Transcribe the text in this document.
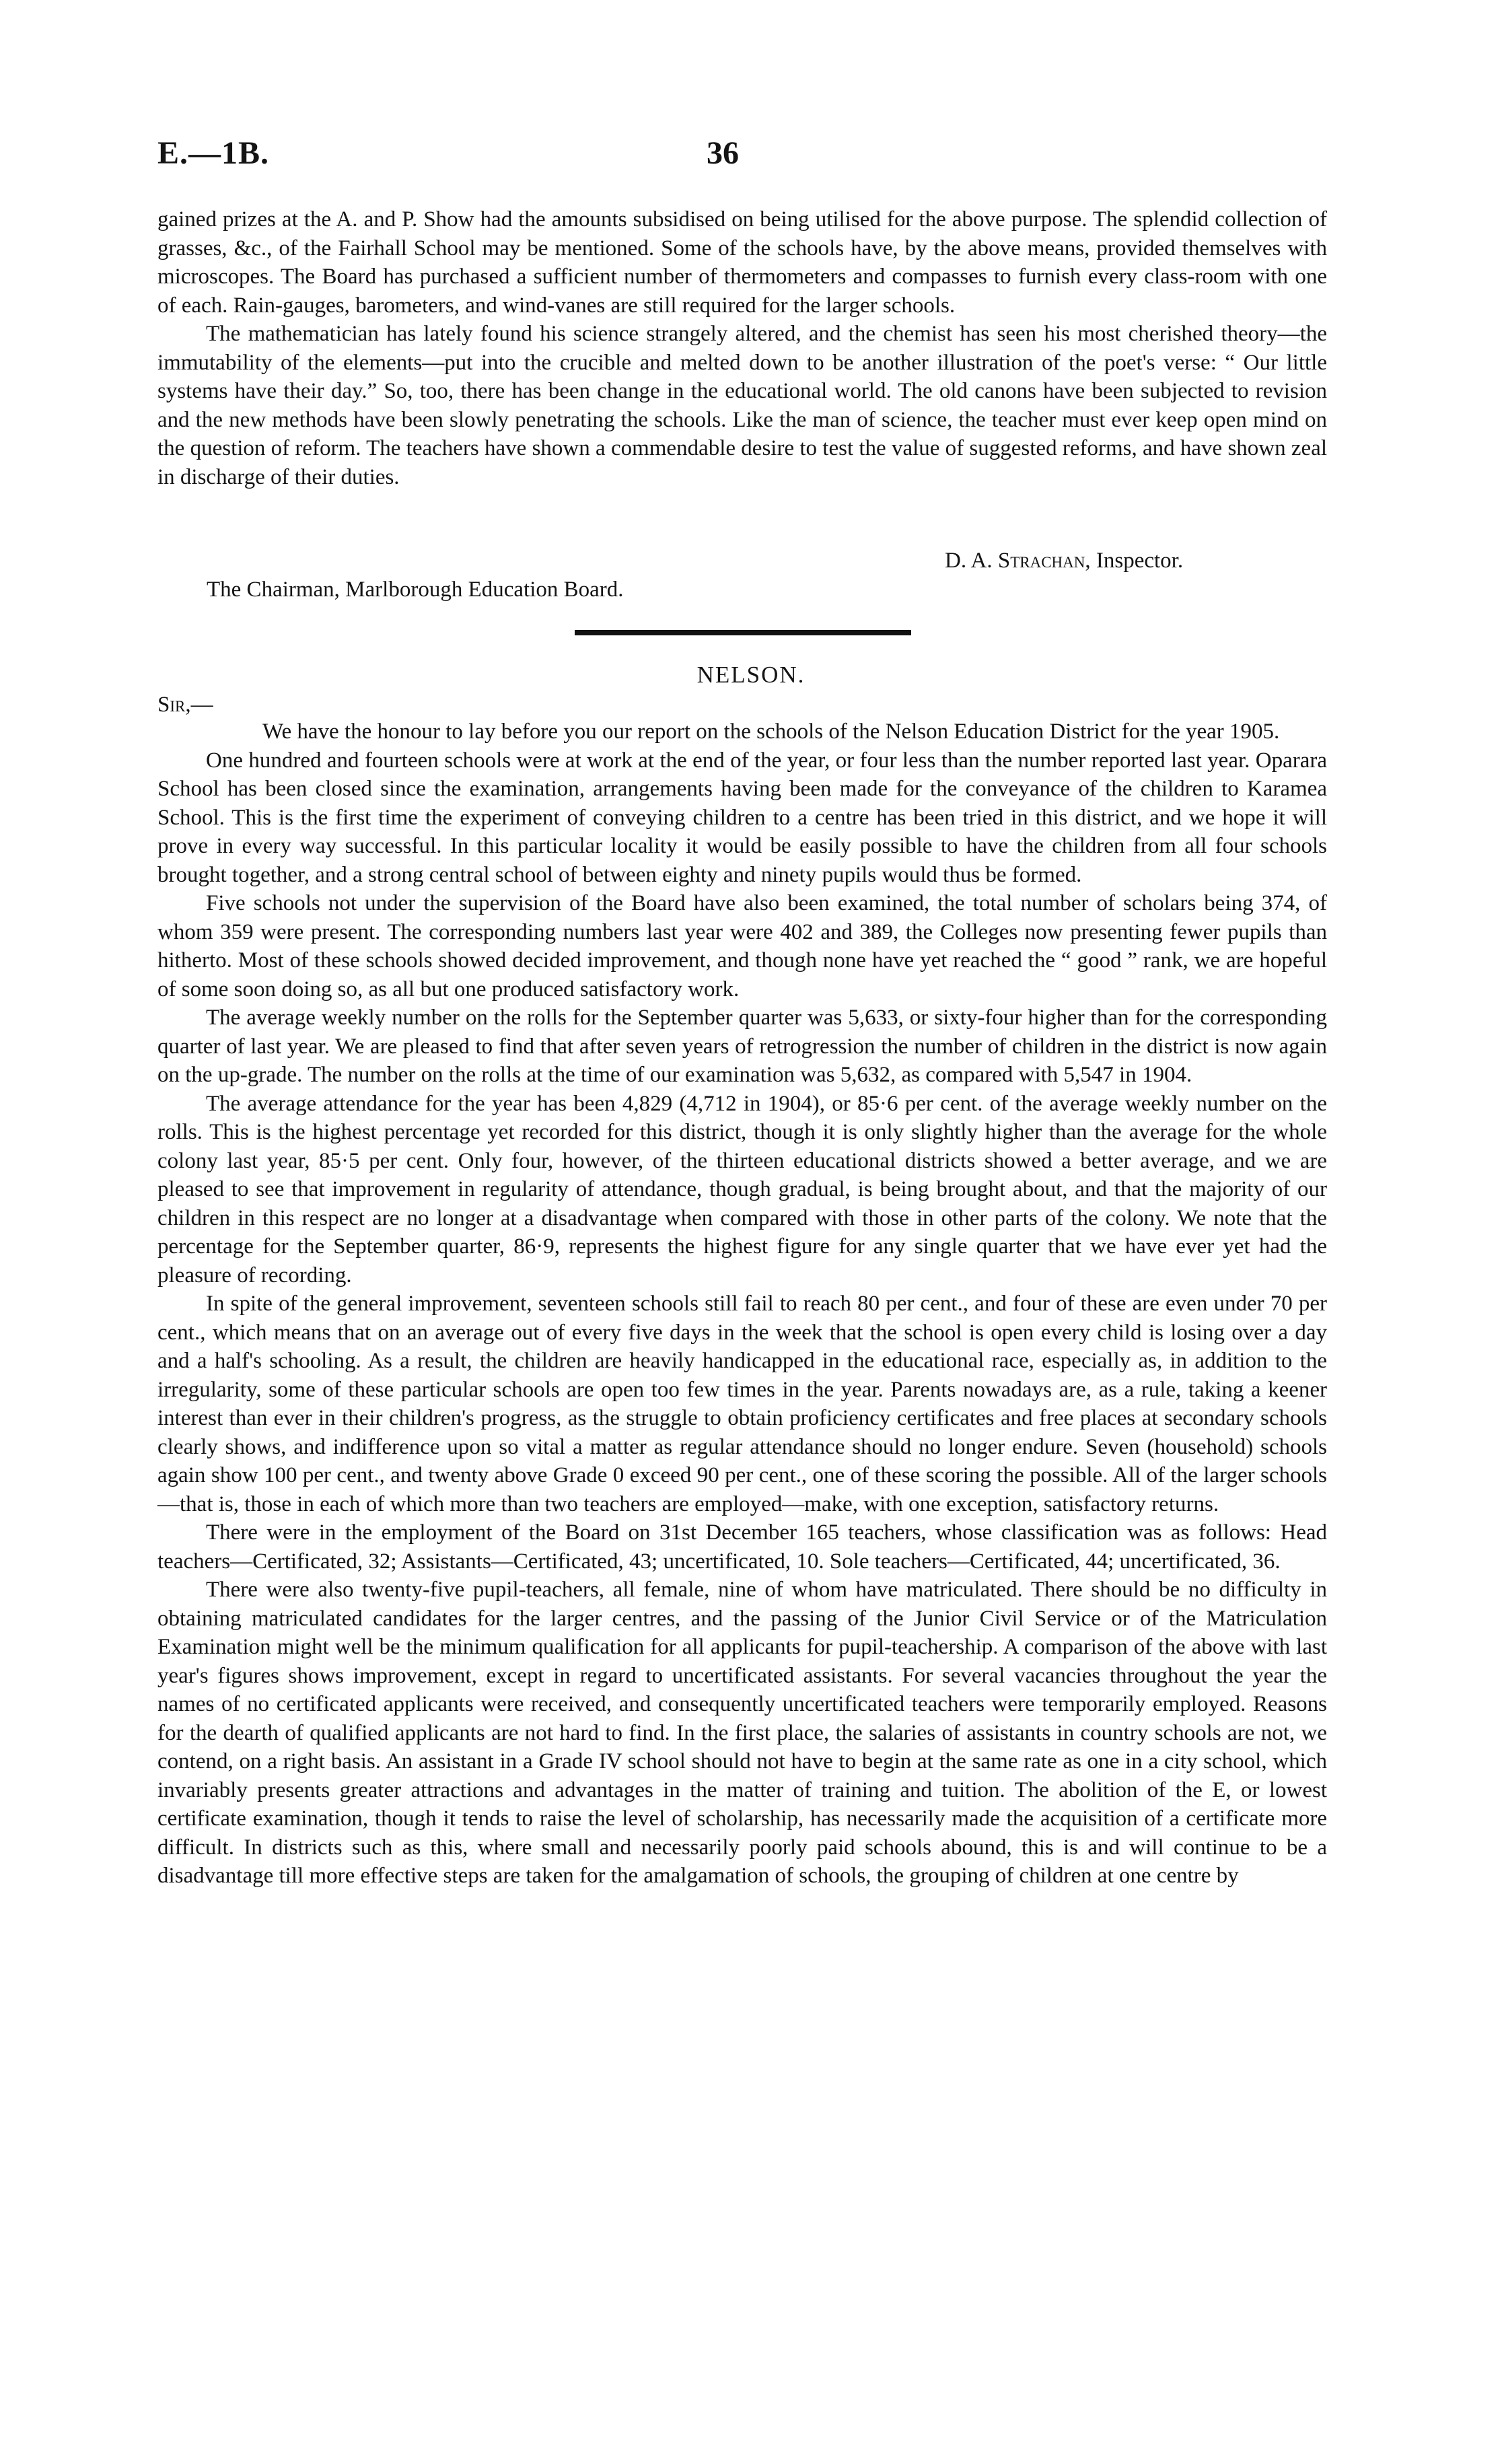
E.—1B.	36

gained prizes at the A. and P. Show had the amounts subsidised on being utilised for the above purpose. The splendid collection of grasses, &c., of the Fairhall School may be mentioned. Some of the schools have, by the above means, provided themselves with microscopes. The Board has purchased a sufficient number of thermometers and compasses to furnish every class-room with one of each. Rain-gauges, barometers, and wind-vanes are still required for the larger schools.

The mathematician has lately found his science strangely altered, and the chemist has seen his most cherished theory—the immutability of the elements—put into the crucible and melted down to be another illustration of the poet's verse: “ Our little systems have their day.” So, too, there has been change in the educational world. The old canons have been subjected to revision and the new methods have been slowly penetrating the schools. Like the man of science, the teacher must ever keep open mind on the question of reform. The teachers have shown a commendable desire to test the value of suggested reforms, and have shown zeal in discharge of their duties.

D. A. Strachan, Inspector.
The Chairman, Marlborough Education Board.
NELSON.
Sir,—

We have the honour to lay before you our report on the schools of the Nelson Education District for the year 1905.

One hundred and fourteen schools were at work at the end of the year, or four less than the number reported last year. Oparara School has been closed since the examination, arrangements having been made for the conveyance of the children to Karamea School. This is the first time the experiment of conveying children to a centre has been tried in this district, and we hope it will prove in every way successful. In this particular locality it would be easily possible to have the children from all four schools brought together, and a strong central school of between eighty and ninety pupils would thus be formed.

Five schools not under the supervision of the Board have also been examined, the total number of scholars being 374, of whom 359 were present. The corresponding numbers last year were 402 and 389, the Colleges now presenting fewer pupils than hitherto. Most of these schools showed decided improvement, and though none have yet reached the “ good ” rank, we are hopeful of some soon doing so, as all but one produced satisfactory work.

The average weekly number on the rolls for the September quarter was 5,633, or sixty-four higher than for the corresponding quarter of last year. We are pleased to find that after seven years of retrogression the number of children in the district is now again on the up-grade. The number on the rolls at the time of our examination was 5,632, as compared with 5,547 in 1904.

The average attendance for the year has been 4,829 (4,712 in 1904), or 85·6 per cent. of the average weekly number on the rolls. This is the highest percentage yet recorded for this district, though it is only slightly higher than the average for the whole colony last year, 85·5 per cent. Only four, however, of the thirteen educational districts showed a better average, and we are pleased to see that improvement in regularity of attendance, though gradual, is being brought about, and that the majority of our children in this respect are no longer at a disadvantage when compared with those in other parts of the colony. We note that the percentage for the September quarter, 86·9, represents the highest figure for any single quarter that we have ever yet had the pleasure of recording.

In spite of the general improvement, seventeen schools still fail to reach 80 per cent., and four of these are even under 70 per cent., which means that on an average out of every five days in the week that the school is open every child is losing over a day and a half's schooling. As a result, the children are heavily handicapped in the educational race, especially as, in addition to the irregularity, some of these particular schools are open too few times in the year. Parents nowadays are, as a rule, taking a keener interest than ever in their children's progress, as the struggle to obtain proficiency certificates and free places at secondary schools clearly shows, and indifference upon so vital a matter as regular attendance should no longer endure. Seven (household) schools again show 100 per cent., and twenty above Grade 0 exceed 90 per cent., one of these scoring the possible. All of the larger schools—that is, those in each of which more than two teachers are employed—make, with one exception, satisfactory returns.

There were in the employment of the Board on 31st December 165 teachers, whose classification was as follows: Head teachers—Certificated, 32; Assistants—Certificated, 43; uncertificated, 10. Sole teachers—Certificated, 44; uncertificated, 36.

There were also twenty-five pupil-teachers, all female, nine of whom have matriculated. There should be no difficulty in obtaining matriculated candidates for the larger centres, and the passing of the Junior Civil Service or of the Matriculation Examination might well be the minimum qualification for all applicants for pupil-teachership. A comparison of the above with last year's figures shows improvement, except in regard to uncertificated assistants. For several vacancies throughout the year the names of no certificated applicants were received, and consequently uncertificated teachers were temporarily employed. Reasons for the dearth of qualified applicants are not hard to find. In the first place, the salaries of assistants in country schools are not, we contend, on a right basis. An assistant in a Grade IV school should not have to begin at the same rate as one in a city school, which invariably presents greater attractions and advantages in the matter of training and tuition. The abolition of the E, or lowest certificate examination, though it tends to raise the level of scholarship, has necessarily made the acquisition of a certificate more difficult. In districts such as this, where small and necessarily poorly paid schools abound, this is and will continue to be a disadvantage till more effective steps are taken for the amalgamation of schools, the grouping of children at one centre by
